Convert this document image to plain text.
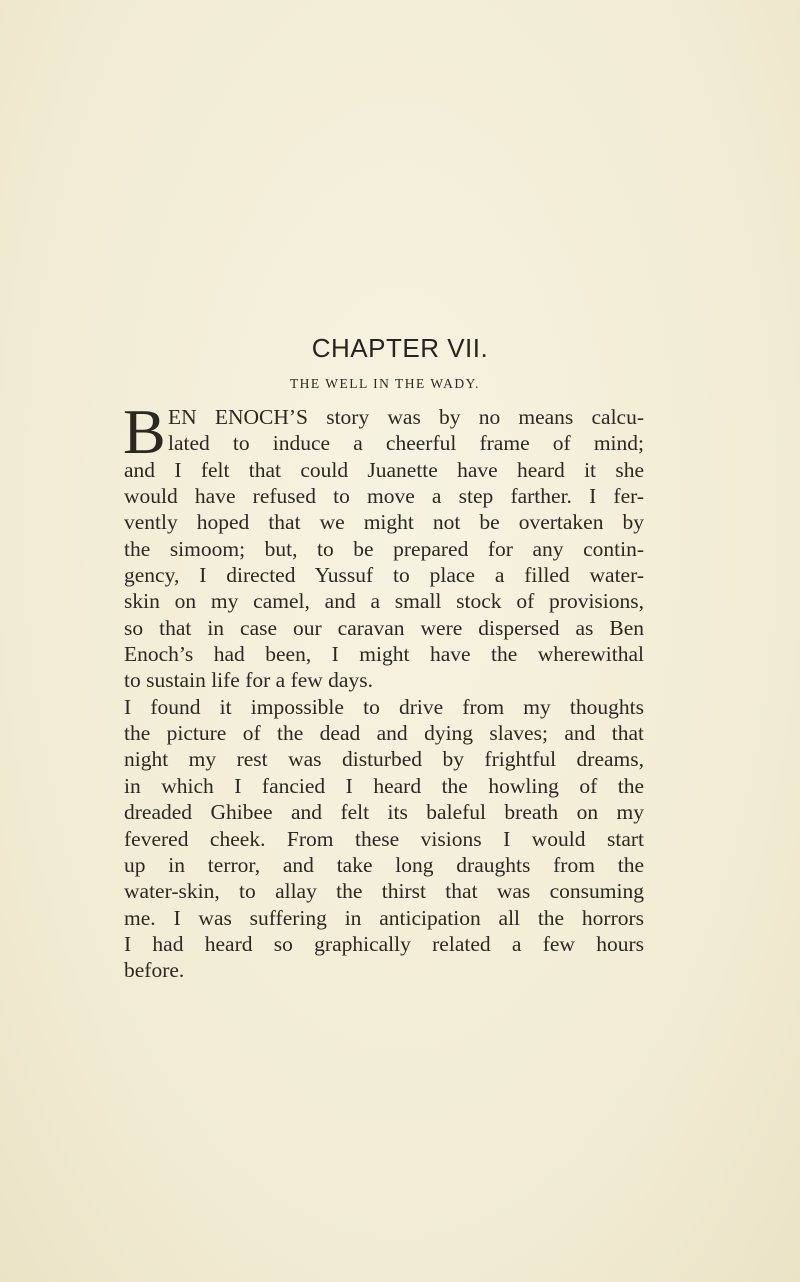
CHAPTER VII.
THE WELL IN THE WADY.
B EN ENOCH’S story was by no means calcu-
lated to induce a cheerful frame of mind;
and I felt that could Juanette have heard it she
would have refused to move a step farther. I fer-
vently hoped that we might not be overtaken by
the simoom; but, to be prepared for any contin-
gency, I directed Yussuf to place a filled water-
skin on my camel, and a small stock of provisions,
so that in case our caravan were dispersed as Ben
Enoch’s had been, I might have the wherewithal
to sustain life for a few days.
I found it impossible to drive from my thoughts
the picture of the dead and dying slaves; and that
night my rest was disturbed by frightful dreams,
in which I fancied I heard the howling of the
dreaded Ghibee and felt its baleful breath on my
fevered cheek. From these visions I would start
up in terror, and take long draughts from the
water-skin, to allay the thirst that was consuming
me. I was suffering in anticipation all the horrors
I had heard so graphically related a few hours
before.
